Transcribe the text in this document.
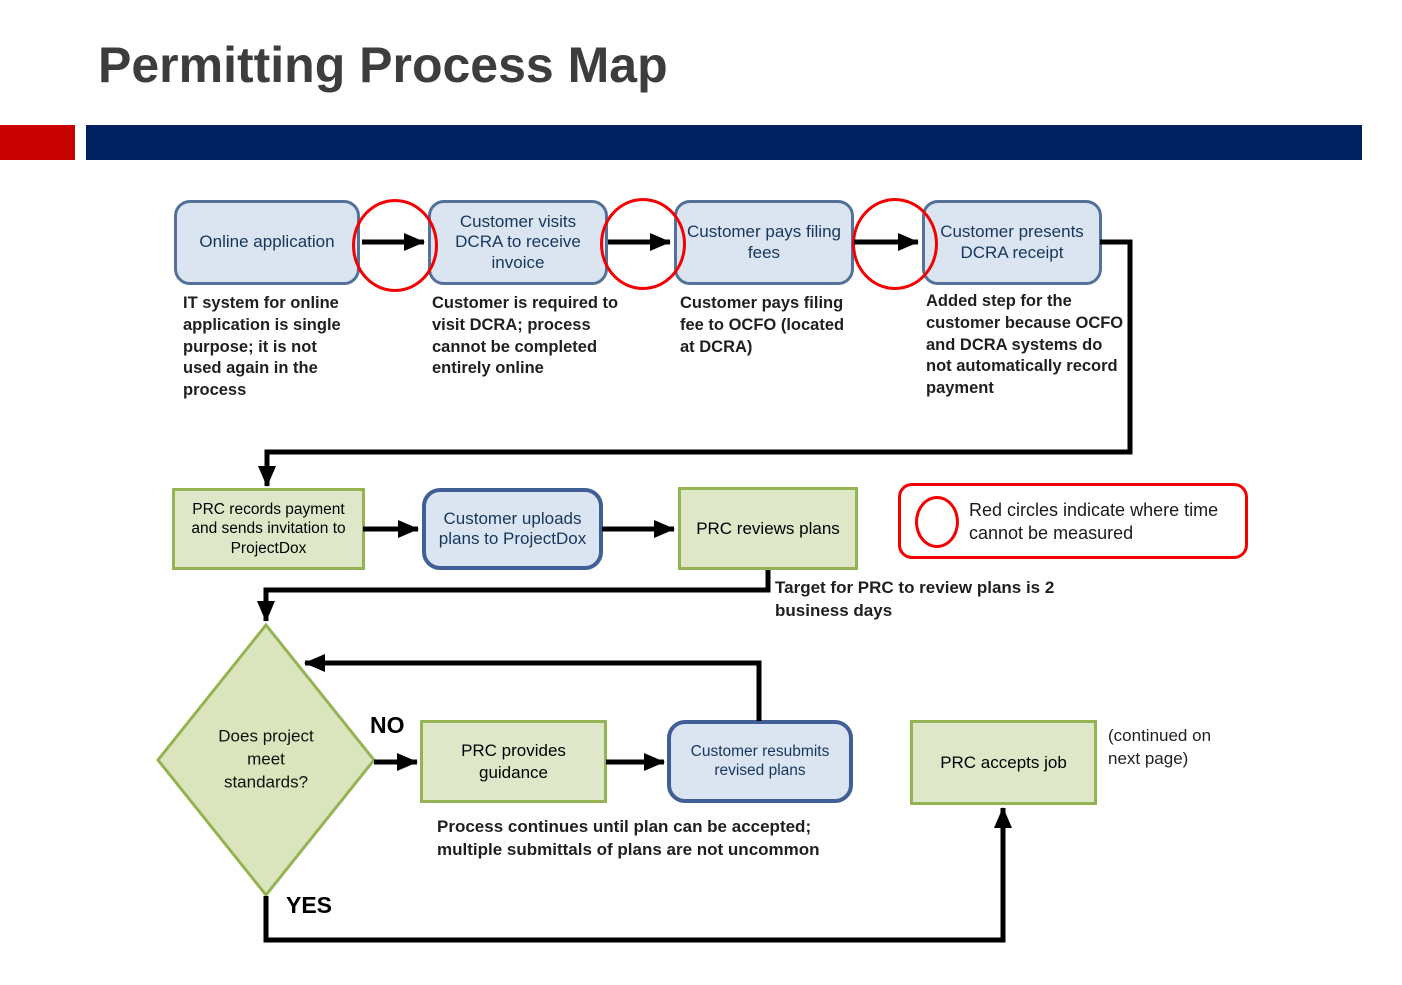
Permitting Process Map
Online application
Customer visits DCRA to receive invoice
Customer pays filing fees
Customer presents DCRA receipt
IT system for online application is single purpose; it is not used again in the process
Customer is required to visit DCRA; process cannot be completed entirely online
Customer pays filing fee to OCFO (located at DCRA)
Added step for the customer because OCFO and DCRA systems do not automatically record payment
PRC records payment and sends invitation to ProjectDox
Customer uploads plans to ProjectDox
PRC reviews plans
Red circles indicate where time cannot be measured
Target for PRC to review plans is 2 business days
Process continues until plan can be accepted; multiple submittals of plans are not uncommon
(continued on next page)
Does project meet standards?
NO
YES
PRC provides guidance
Customer resubmits revised plans	PRC accepts job
